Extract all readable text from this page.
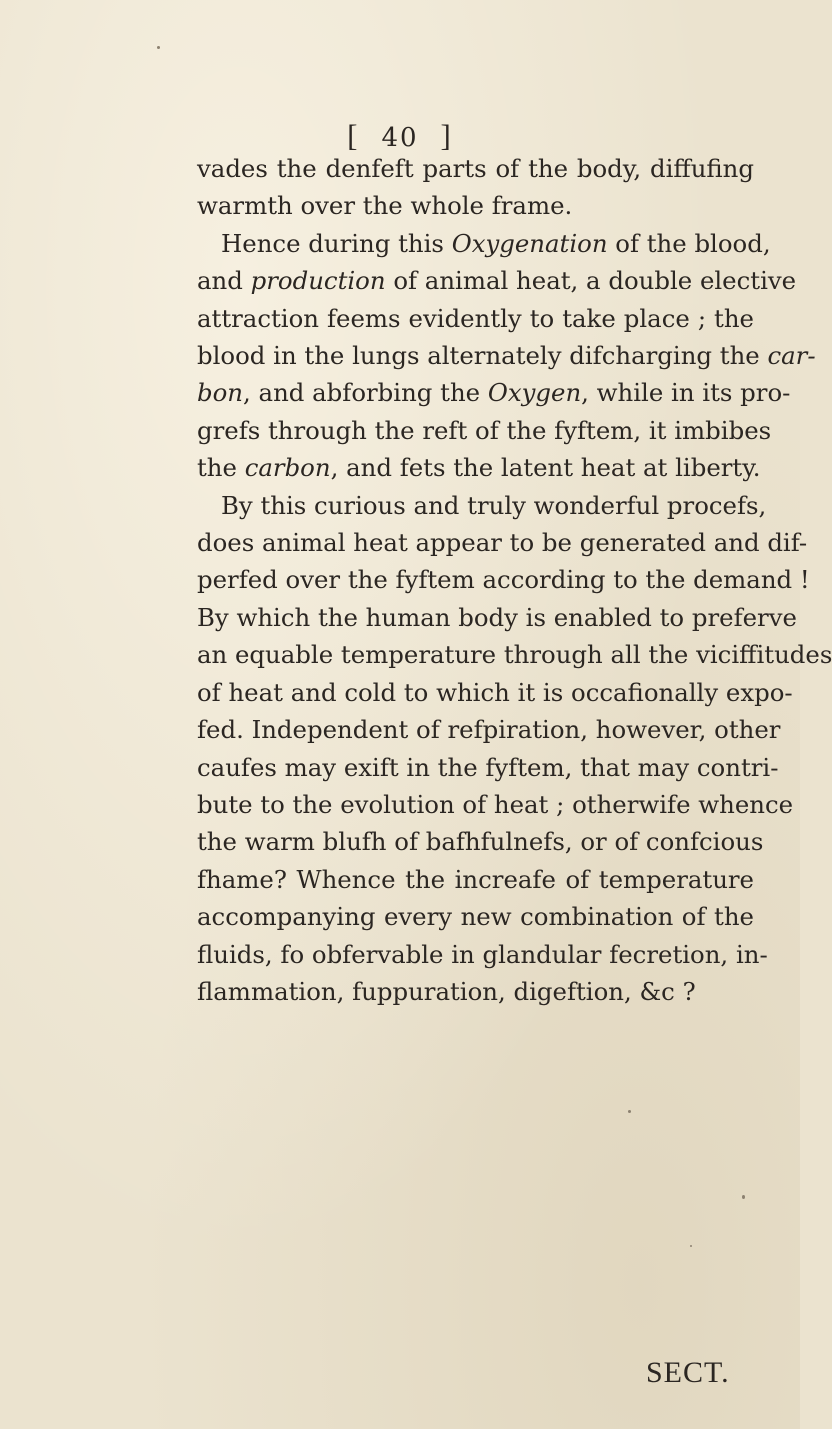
[ 40 ]
vades the denfeft parts of the body, diffufing
warmth over the whole frame.
Hence during this Oxygenation of the blood,
and production of animal heat, a double elective
attraction feems evidently to take place ; the
blood in the lungs alternately difcharging the car-
bon, and abforbing the Oxygen, while in its pro-
grefs through the reft of the fyftem, it imbibes
the carbon, and fets the latent heat at liberty.
By this curious and truly wonderful procefs,
does animal heat appear to be generated and dif-
perfed over the fyftem according to the demand !
By which the human body is enabled to preferve
an equable temperature through all the viciffitudes
of heat and cold to which it is occafionally expo-
fed. Independent of refpiration, however, other
caufes may exift in the fyftem, that may contri-
bute to the evolution of heat ; otherwife whence
the warm blufh of bafhfulnefs, or of confcious
fhame? Whence the increafe of temperature
accompanying every new combination of the
fluids, fo obfervable in glandular fecretion, in-
flammation, fuppuration, digeftion, &c ?
SECT.
